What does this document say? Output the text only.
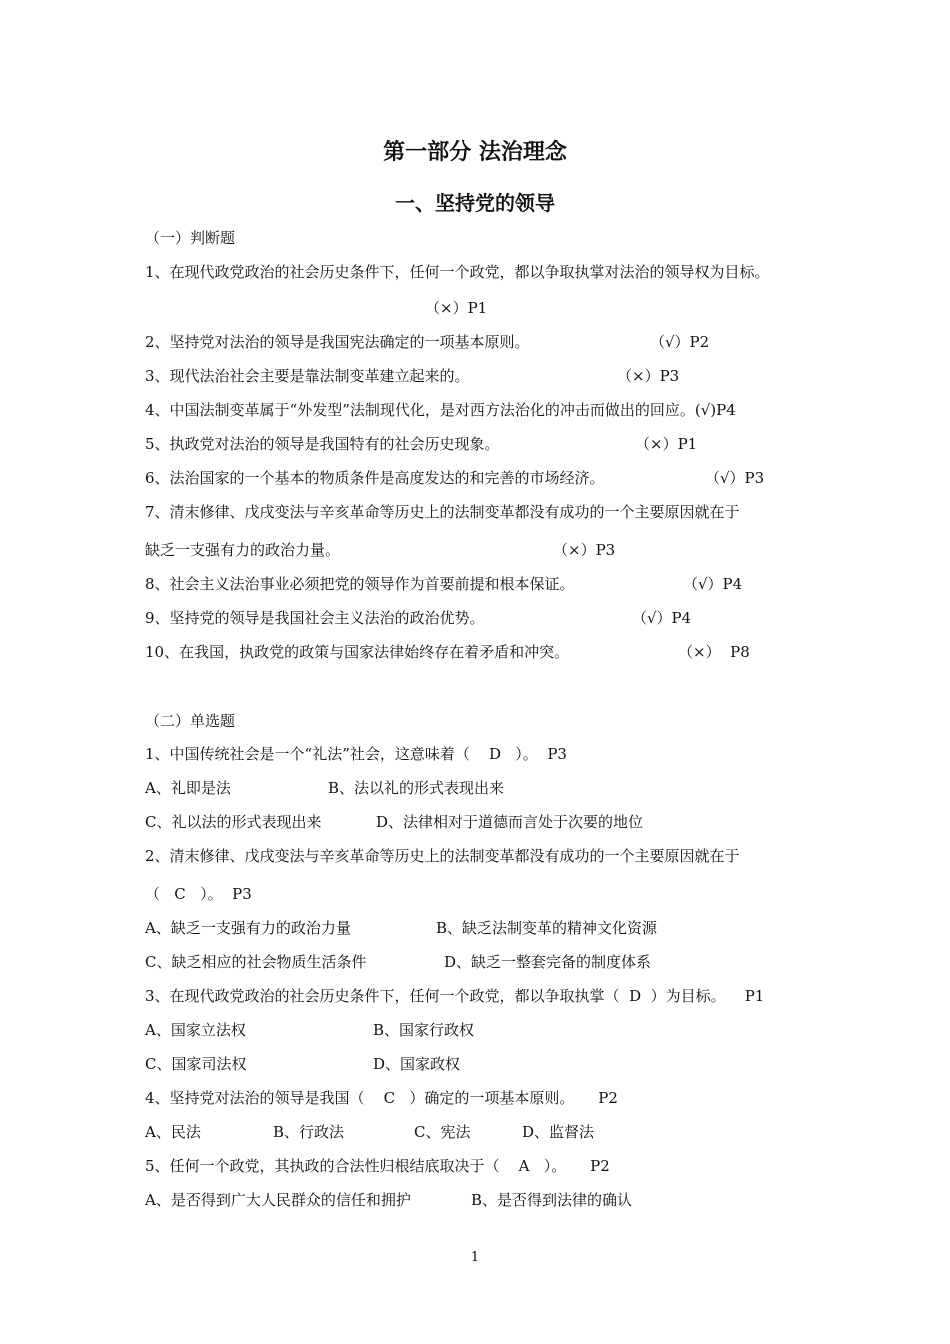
第一部分 法治理念
一、坚持党的领导
（一）判断题
1、在现代政党政治的社会历史条件下，任何一个政党，都以争取执掌对法治的领导权为目标。
（×）P1
2、坚持党对法治的领导是我国宪法确定的一项基本原则。	（√）P2
3、现代法治社会主要是靠法制变革建立起来的。	（×）P3
4、中国法制变革属于“外发型”法制现代化，是对西方法治化的冲击而做出的回应。(√)P4
5、执政党对法治的领导是我国特有的社会历史现象。	（×）P1
6、法治国家的一个基本的物质条件是高度发达的和完善的市场经济。	（√）P3
7、清末修律、戊戌变法与辛亥革命等历史上的法制变革都没有成功的一个主要原因就在于
缺乏一支强有力的政治力量。	（×）P3
8、社会主义法治事业必须把党的领导作为首要前提和根本保证。	（√）P4
9、坚持党的领导是我国社会主义法治的政治优势。	（√）P4
10、在我国，执政党的政策与国家法律始终存在着矛盾和冲突。	（×）  P8
（二）单选题
1、中国传统社会是一个“礼法”社会，这意味着（    D   ）。  P3
A、礼即是法	B、法以礼的形式表现出来
C、礼以法的形式表现出来	D、法律相对于道德而言处于次要的地位
2、清末修律、戊戌变法与辛亥革命等历史上的法制变革都没有成功的一个主要原因就在于
（   C   ）。  P3
A、缺乏一支强有力的政治力量	B、缺乏法制变革的精神文化资源
C、缺乏相应的社会物质生活条件	D、缺乏一整套完备的制度体系
3、在现代政党政治的社会历史条件下，任何一个政党，都以争取执掌（  D  ）为目标。    P1
A、国家立法权	B、国家行政权
C、国家司法权	D、国家政权
4、坚持党对法治的领导是我国（    C   ）确定的一项基本原则。     P2
A、民法	B、行政法	C、宪法	D、监督法
5、任何一个政党，其执政的合法性归根结底取决于（    A   ）。     P2
A、是否得到广大人民群众的信任和拥护	B、是否得到法律的确认
1
